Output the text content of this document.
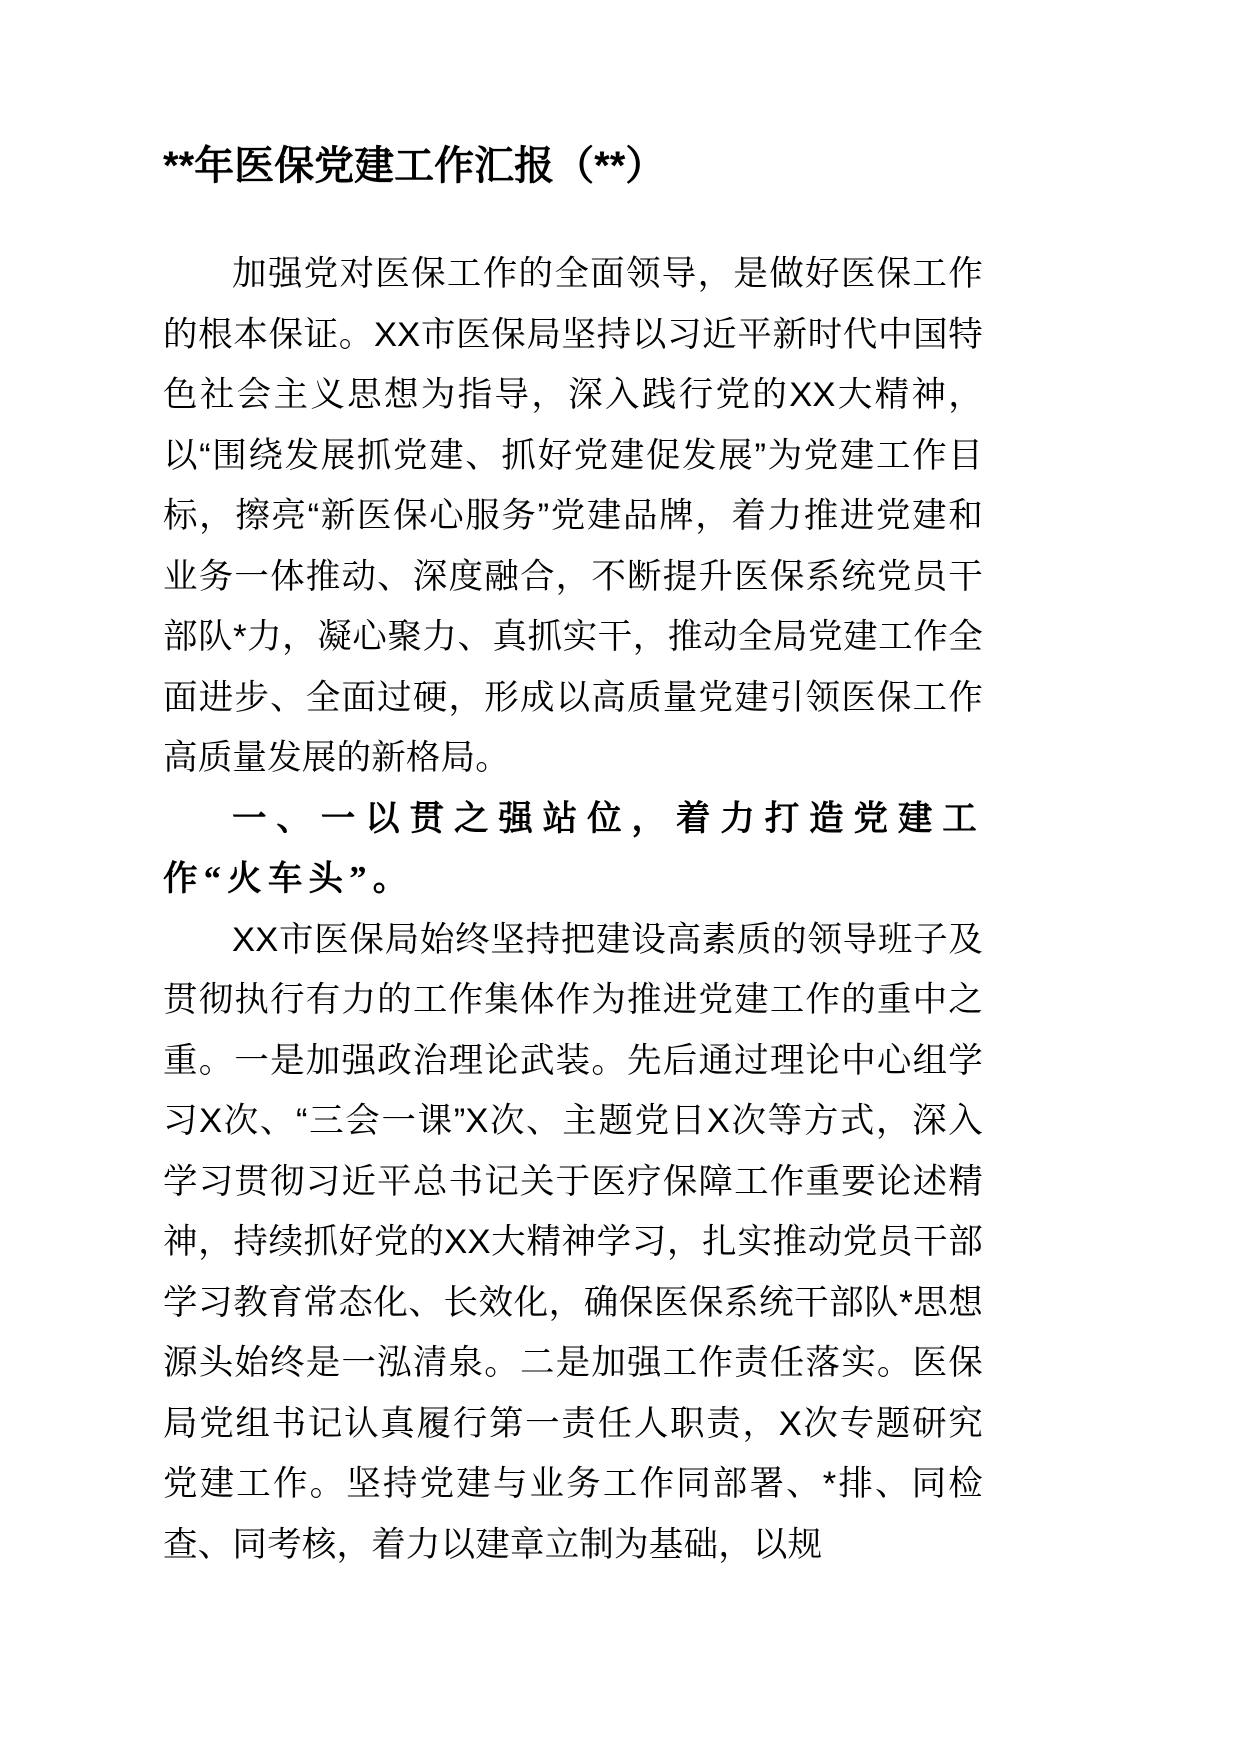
**年医保党建工作汇报（**）

加强党对医保工作的全面领导，是做好医保工作的根本保证。XX市医保局坚持以习近平新时代中国特色社会主义思想为指导，深入践行党的XX大精神，以“围绕发展抓党建、抓好党建促发展”为党建工作目标，擦亮“新医保心服务”党建品牌，着力推进党建和业务一体推动、深度融合，不断提升医保系统党员干部队*力，凝心聚力、真抓实干，推动全局党建工作全面进步、全面过硬，形成以高质量党建引领医保工作高质量发展的新格局。

一、一以贯之强站位，着力打造党建工作“火车头”。

XX市医保局始终坚持把建设高素质的领导班子及贯彻执行有力的工作集体作为推进党建工作的重中之重。一是加强政治理论武装。先后通过理论中心组学习X次、“三会一课”X次、主题党日X次等方式，深入学习贯彻习近平总书记关于医疗保障工作重要论述精神，持续抓好党的XX大精神学习，扎实推动党员干部学习教育常态化、长效化，确保医保系统干部队*思想源头始终是一泓清泉。二是加强工作责任落实。医保局党组书记认真履行第一责任人职责，X次专题研究党建工作。坚持党建与业务工作同部署、*排、同检查、同考核，着力以建章立制为基础，以规
